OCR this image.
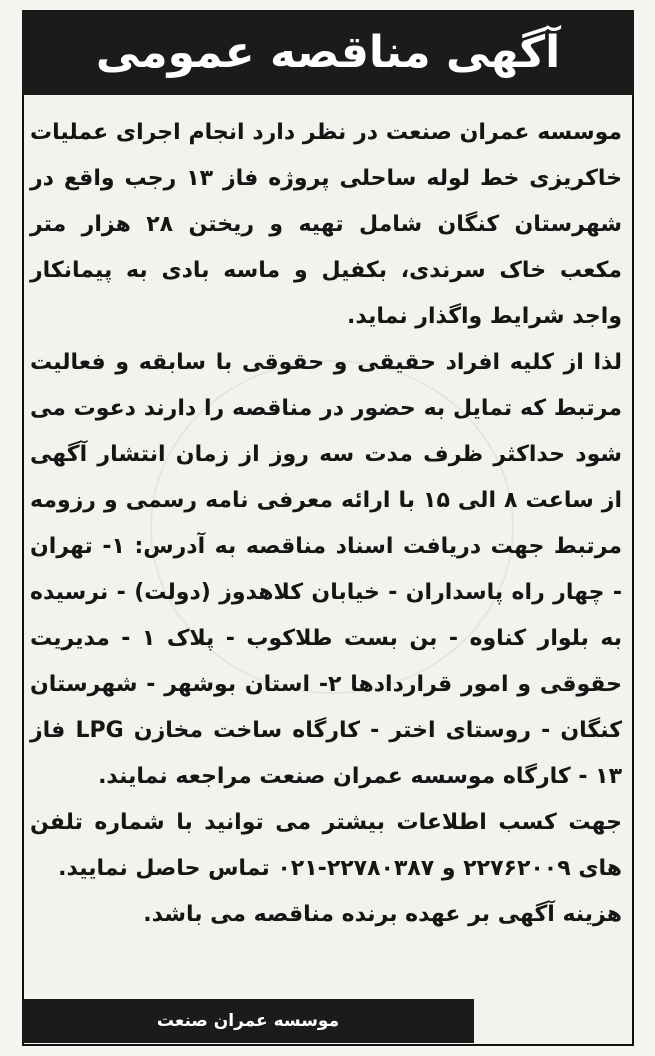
آگهی مناقصه عمومی

موسسه عمران صنعت در نظر دارد انجام اجرای عملیات خاکریزی خط لوله ساحلی پروژه فاز ۱۳ رجب واقع در شهرستان کنگان شامل تهیه و ریختن ۲۸ هزار متر مکعب خاک سرندی، بکفیل و ماسه بادی به پیمانکار واجد شرایط واگذار نماید.

لذا از کلیه افراد حقیقی و حقوقی با سابقه و فعالیت مرتبط که تمایل به حضور در مناقصه را دارند دعوت می شود حداکثر ظرف مدت سه روز از زمان انتشار آگهی از ساعت ۸ الی ۱۵ با ارائه معرفی نامه رسمی و رزومه مرتبط جهت دریافت اسناد مناقصه به آدرس: ۱- تهران - چهار راه پاسداران - خیابان کلاهدوز (دولت) - نرسیده به بلوار کناوه - بن بست طلاکوب - پلاک ۱ - مدیریت حقوقی و امور قراردادها ۲- استان بوشهر - شهرستان کنگان - روستای اختر - کارگاه ساخت مخازن LPG فاز ۱۳ - کارگاه موسسه عمران صنعت مراجعه نمایند.

جهت کسب اطلاعات بیشتر می توانید با شماره تلفن های ۲۲۷۶۲۰۰۹ و ۲۲۷۸۰۳۸۷-۰۲۱ تماس حاصل نمایید.

هزینه آگهی بر عهده برنده مناقصه می باشد.

موسسه عمران صنعت
